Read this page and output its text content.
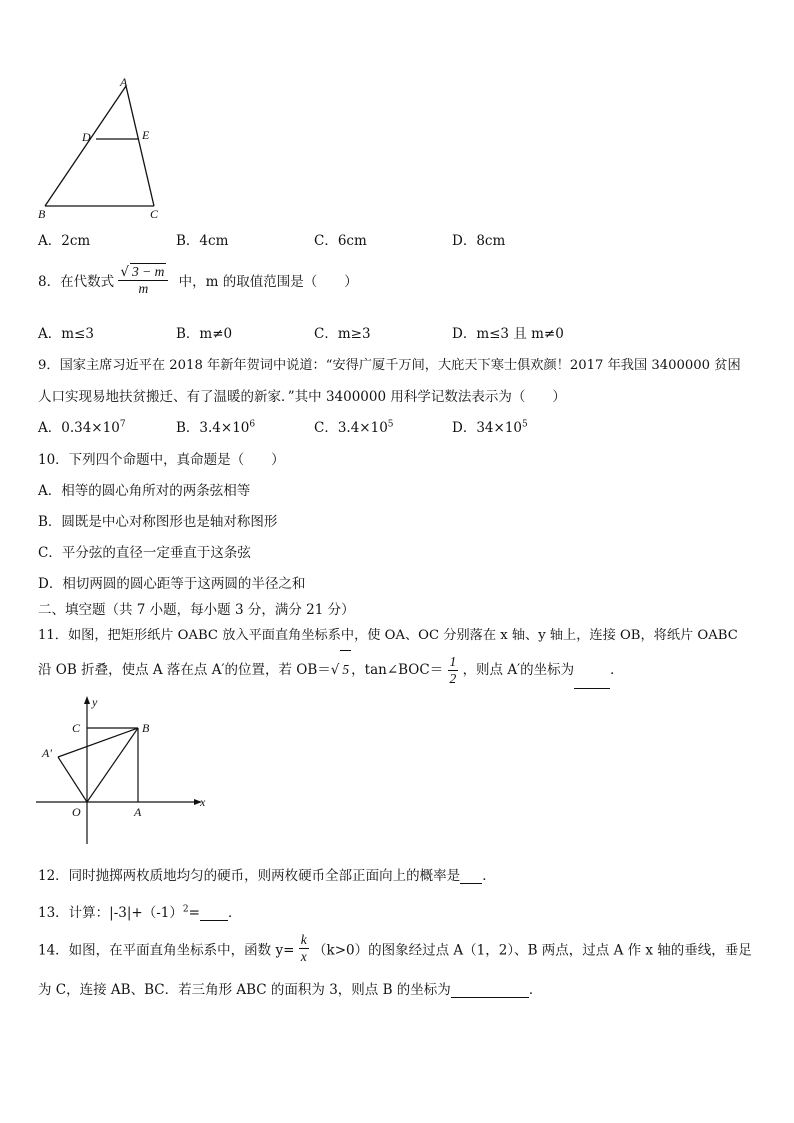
A
D	E
B	C
A．2cm	B．4cm	C．6cm	D．8cm
8．在代数式 $\frac{√ 3 - m}{m}$ 中，m 的取值范围是（　　）
A．m≤3	B．m≠0	C．m≥3	D．m≤3 且 m≠0
9．国家主席习近平在 2018 年新年贺词中说道：“安得广厦千万间，大庇天下寒士俱欢颜！2017 年我国 3400000 贫困
人口实现易地扶贫搬迁、有了温暖的新家．”其中 3400000 用科学记数法表示为（　　）
A．$0.34\times 10^7$	B．$3.4\times 10^6$	C．$3.4\times 10^5$	D．$34\times 10^5$
10．下列四个命题中，真命题是（　　）
A．相等的圆心角所对的两条弦相等
B．圆既是中心对称图形也是轴对称图形
C．平分弦的直径一定垂直于这条弦
D．相切两圆的圆心距等于这两圆的半径之和
二、填空题（共 7 小题，每小题 3 分，满分 21 分）
11．如图，把矩形纸片 OABC 放入平面直角坐标系中，使 OA、OC 分别落在 x 轴、y 轴上，连接 OB，将纸片 OABC
沿 OB 折叠，使点 A 落在点 A′的位置，若 OB＝√ 5 ，tan∠BOC＝ $\frac{1}{2}$ ，则点 A′的坐标为	．
y
x
C	B
A′
O	A
12．同时抛掷两枚质地均匀的硬币，则两枚硬币全部正面向上的概率是 ．
13．计算：$|-3|+(-1)^2=$ ．
14．如图，在平面直角坐标系中，函数 $y= \frac{k}{x} (k>0)$的图象经过点 A（1，2）、B 两点，过点 A 作 x 轴的垂线，垂足
为 C，连接 AB、BC．若三角形 ABC 的面积为 3，则点 B 的坐标为	．
